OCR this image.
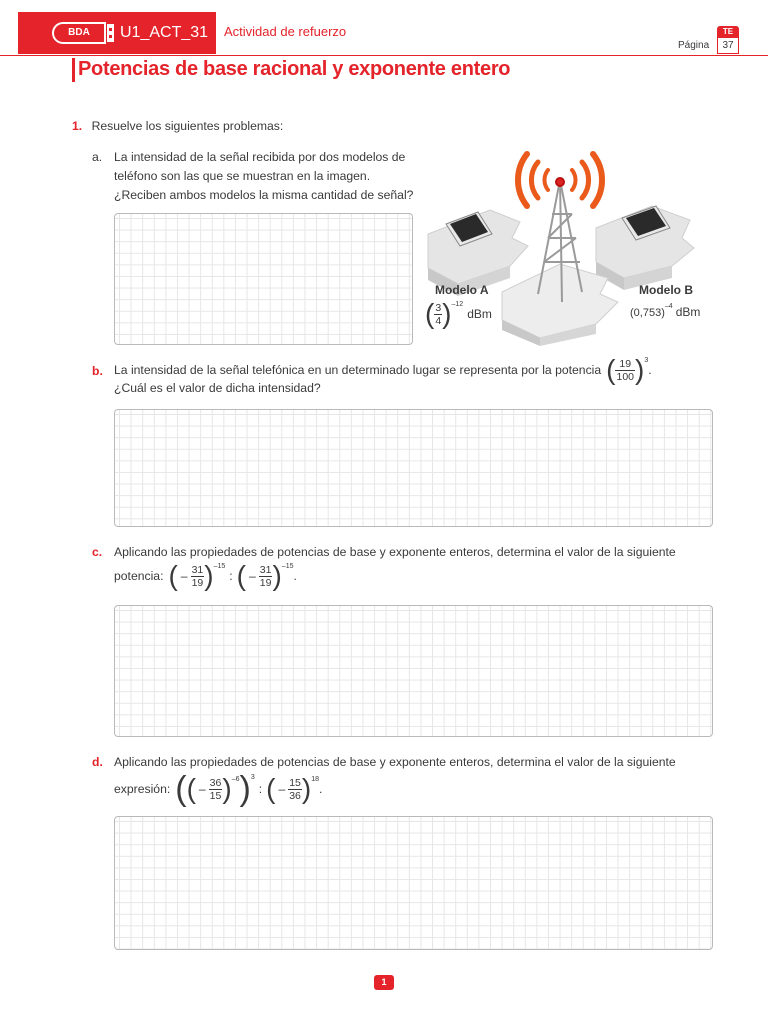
BDA	U1_ACT_31 Actividad de refuerzo
Página
TE
37
Potencias de base racional y exponente entero
1. Resuelve los siguientes problemas:
a. La intensidad de la señal recibida por dos modelos de
teléfono son las que se muestran en la imagen.
¿Reciben ambos modelos la misma cantidad de señal?
Modelo A
( $\frac{3}{4}$ ) –12
dBm
Modelo B
$(0,753)^{-4}$ dBm
b. La intensidad de la señal telefónica en un determinado lugar se representa por la potencia ( $\frac{19}{100}$ ) 3
.
¿Cuál es el valor de dicha intensidad?
c. Aplicando las propiedades de potencias de base y exponente enteros, determina el valor de la siguiente
potencia: ( – $\frac{31}{19}$ ) –15
: ( – $\frac{31}{19}$ ) –15
.
d. Aplicando las propiedades de potencias de base y exponente enteros, determina el valor de la siguiente
expresión: ( ( – $\frac{36}{15}$ ) –6 ) 3
: ( – $\frac{15}{36}$ ) 18
.
1
